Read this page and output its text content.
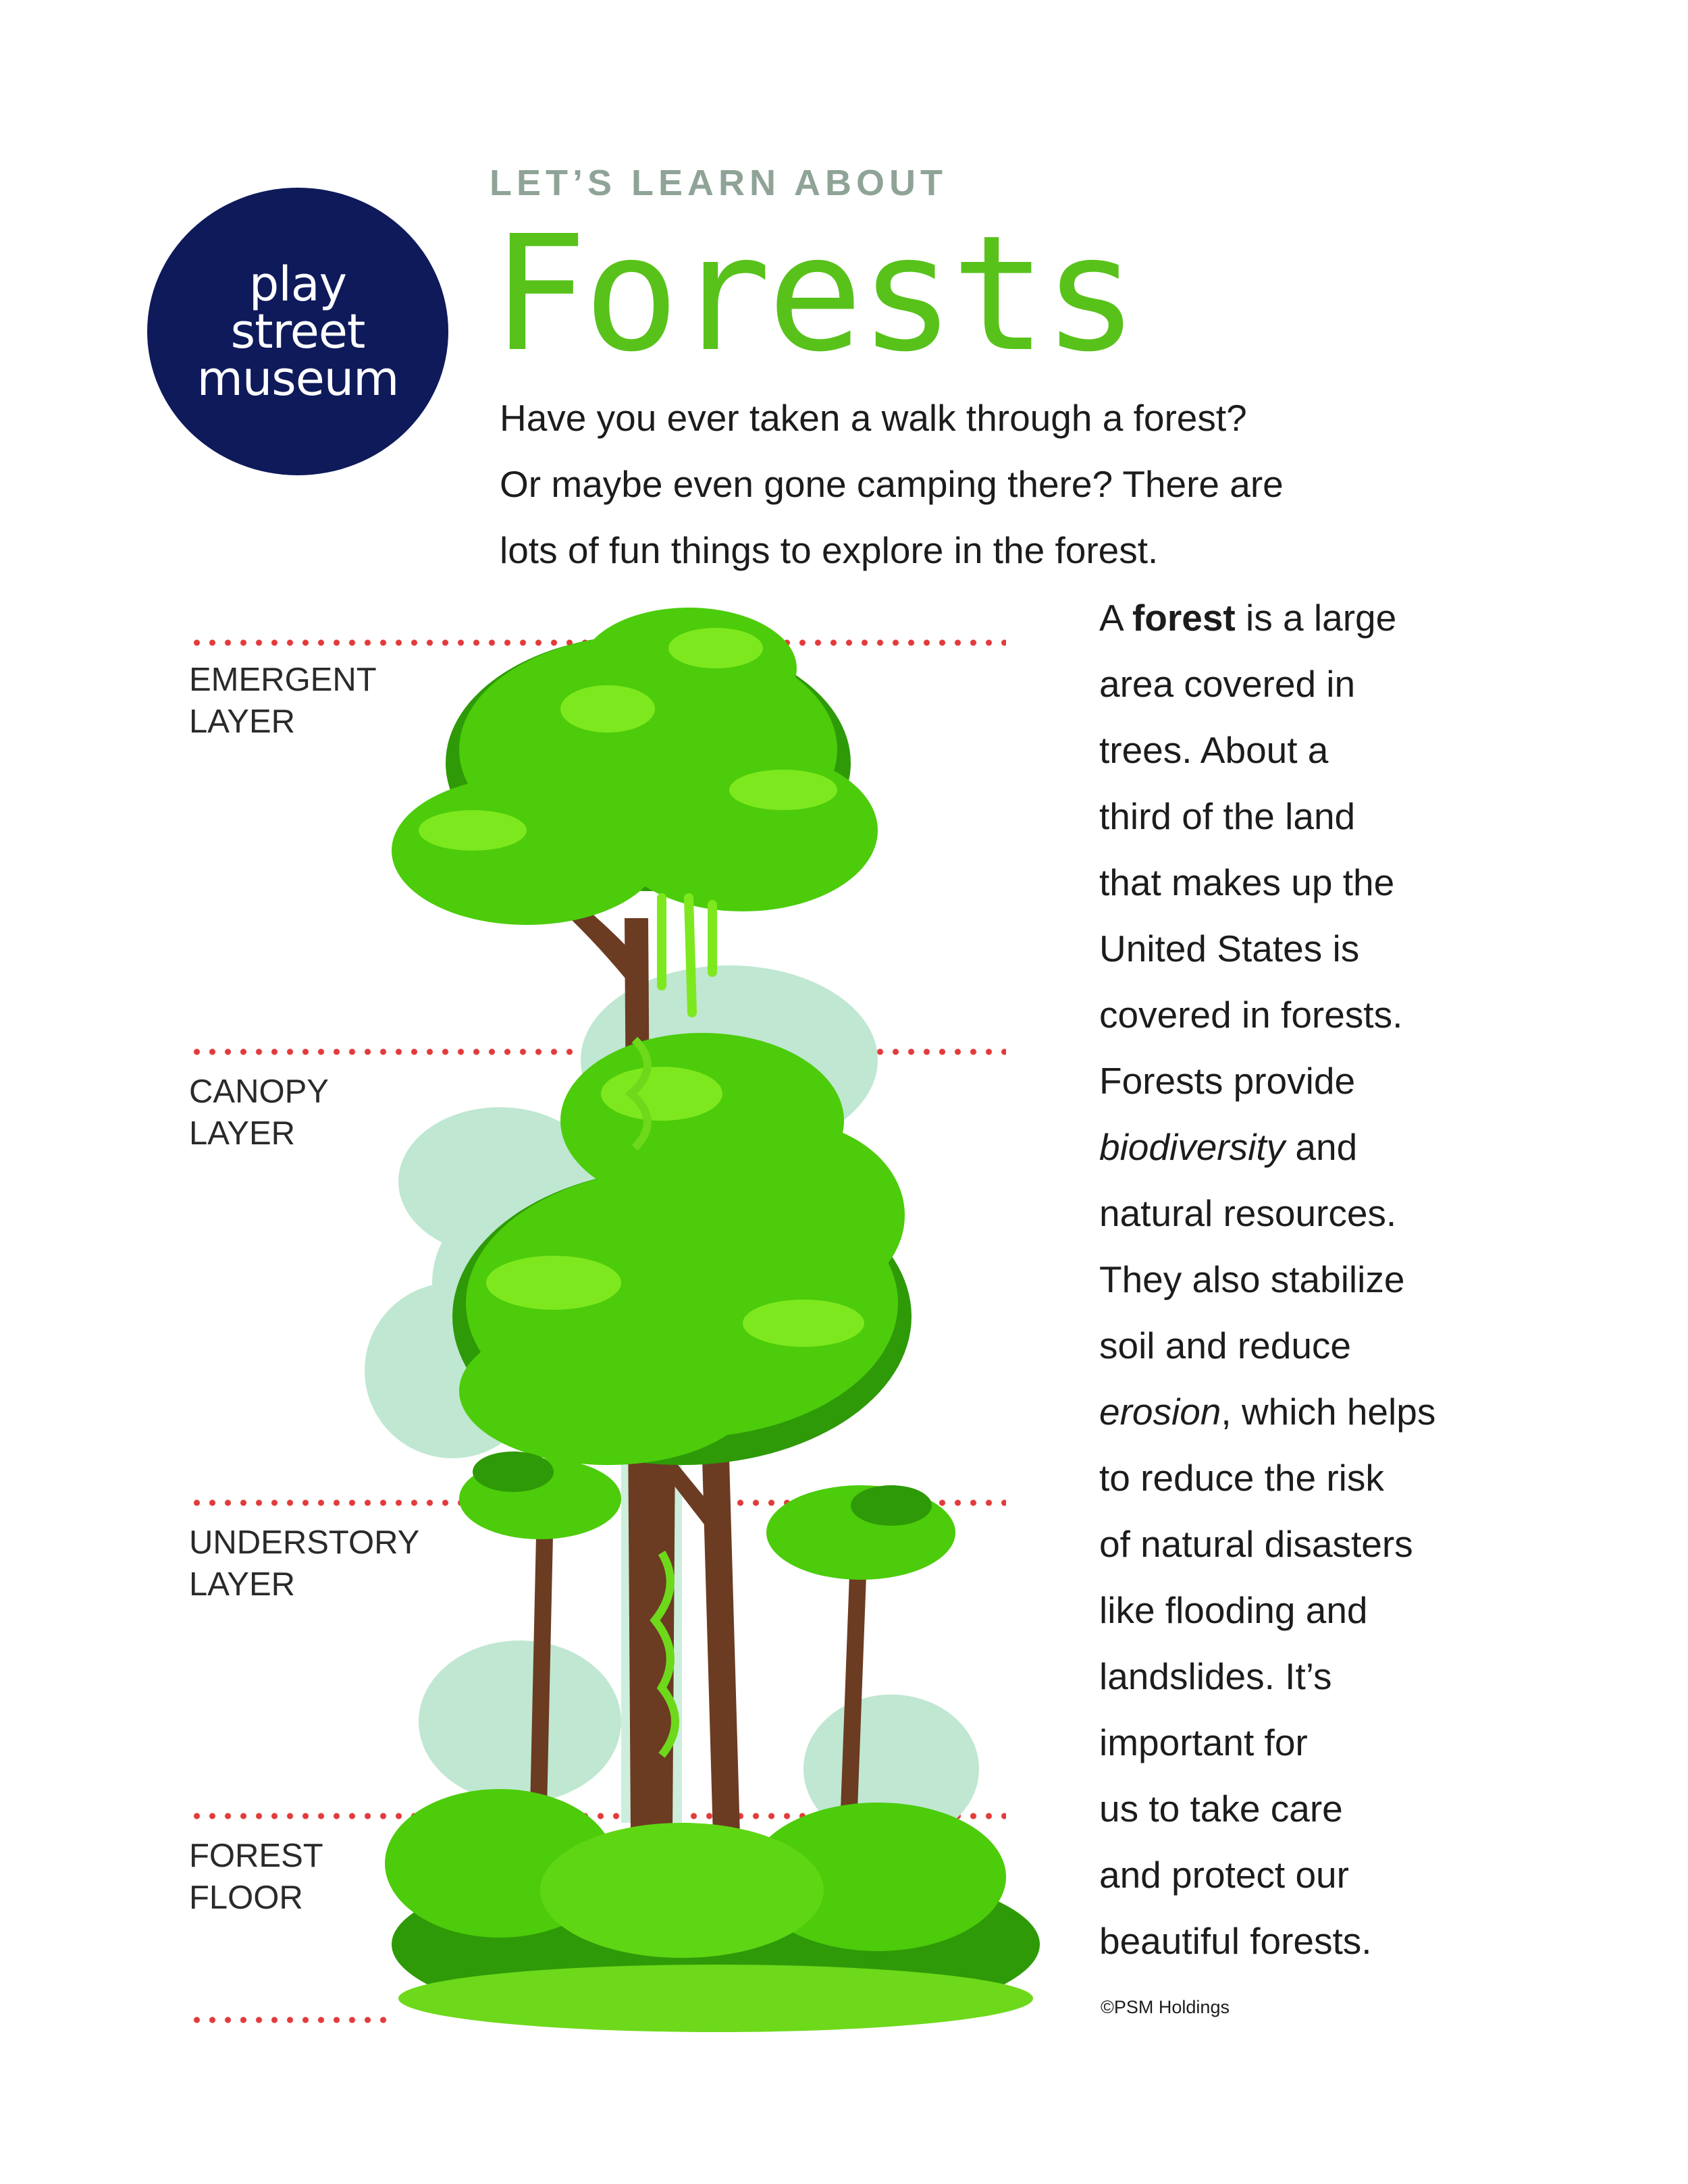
play
street
museum
LET’S LEARN ABOUT
Forests
Have you ever taken a walk through a forest?
Or maybe even gone camping there? There are
lots of fun things to explore in the forest.
A forest is a large
area covered in
trees. About a
third of the land
that makes up the
United States is
covered in forests.
Forests provide
biodiversity and
natural resources.
They also stabilize
soil and reduce
erosion, which helps
to reduce the risk
of natural disasters
like flooding and
landslides. It’s
important for
us to take care
and protect our
beautiful forests.
©PSM Holdings
EMERGENT
LAYER
CANOPY
LAYER
UNDERSTORY
LAYER
FOREST
FLOOR
